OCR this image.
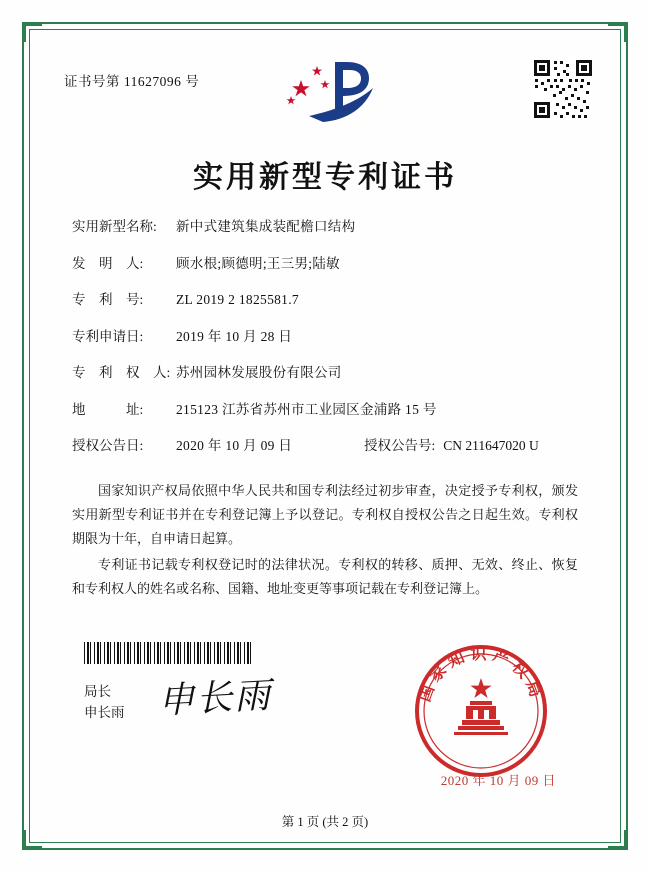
证书号第 11627096 号
实用新型专利证书
实用新型名称:	新中式建筑集成装配檐口结构
发　明　人:	顾水根;顾德明;王三男;陆敏
专　利　号:	ZL 2019 2 1825581.7
专利申请日:	2019 年 10 月 28 日
专　利　权　人: 苏州园林发展股份有限公司
地　　　址:	215123 江苏省苏州市工业园区金浦路 15 号
授权公告日:	2020 年 10 月 09 日	授权公告号: CN 211647020 U

国家知识产权局依照中华人民共和国专利法经过初步审查，决定授予专利权，颁发实用新型专利证书并在专利登记簿上予以登记。专利权自授权公告之日起生效。专利权期限为十年，自申请日起算。

专利证书记载专利权登记时的法律状况。专利权的转移、质押、无效、终止、恢复和专利权人的姓名或名称、国籍、地址变更等事项记载在专利登记簿上。

局长
申长雨 申长雨	国家知识产权局
2020 年 10 月 09 日
第 1 页 (共 2 页)
